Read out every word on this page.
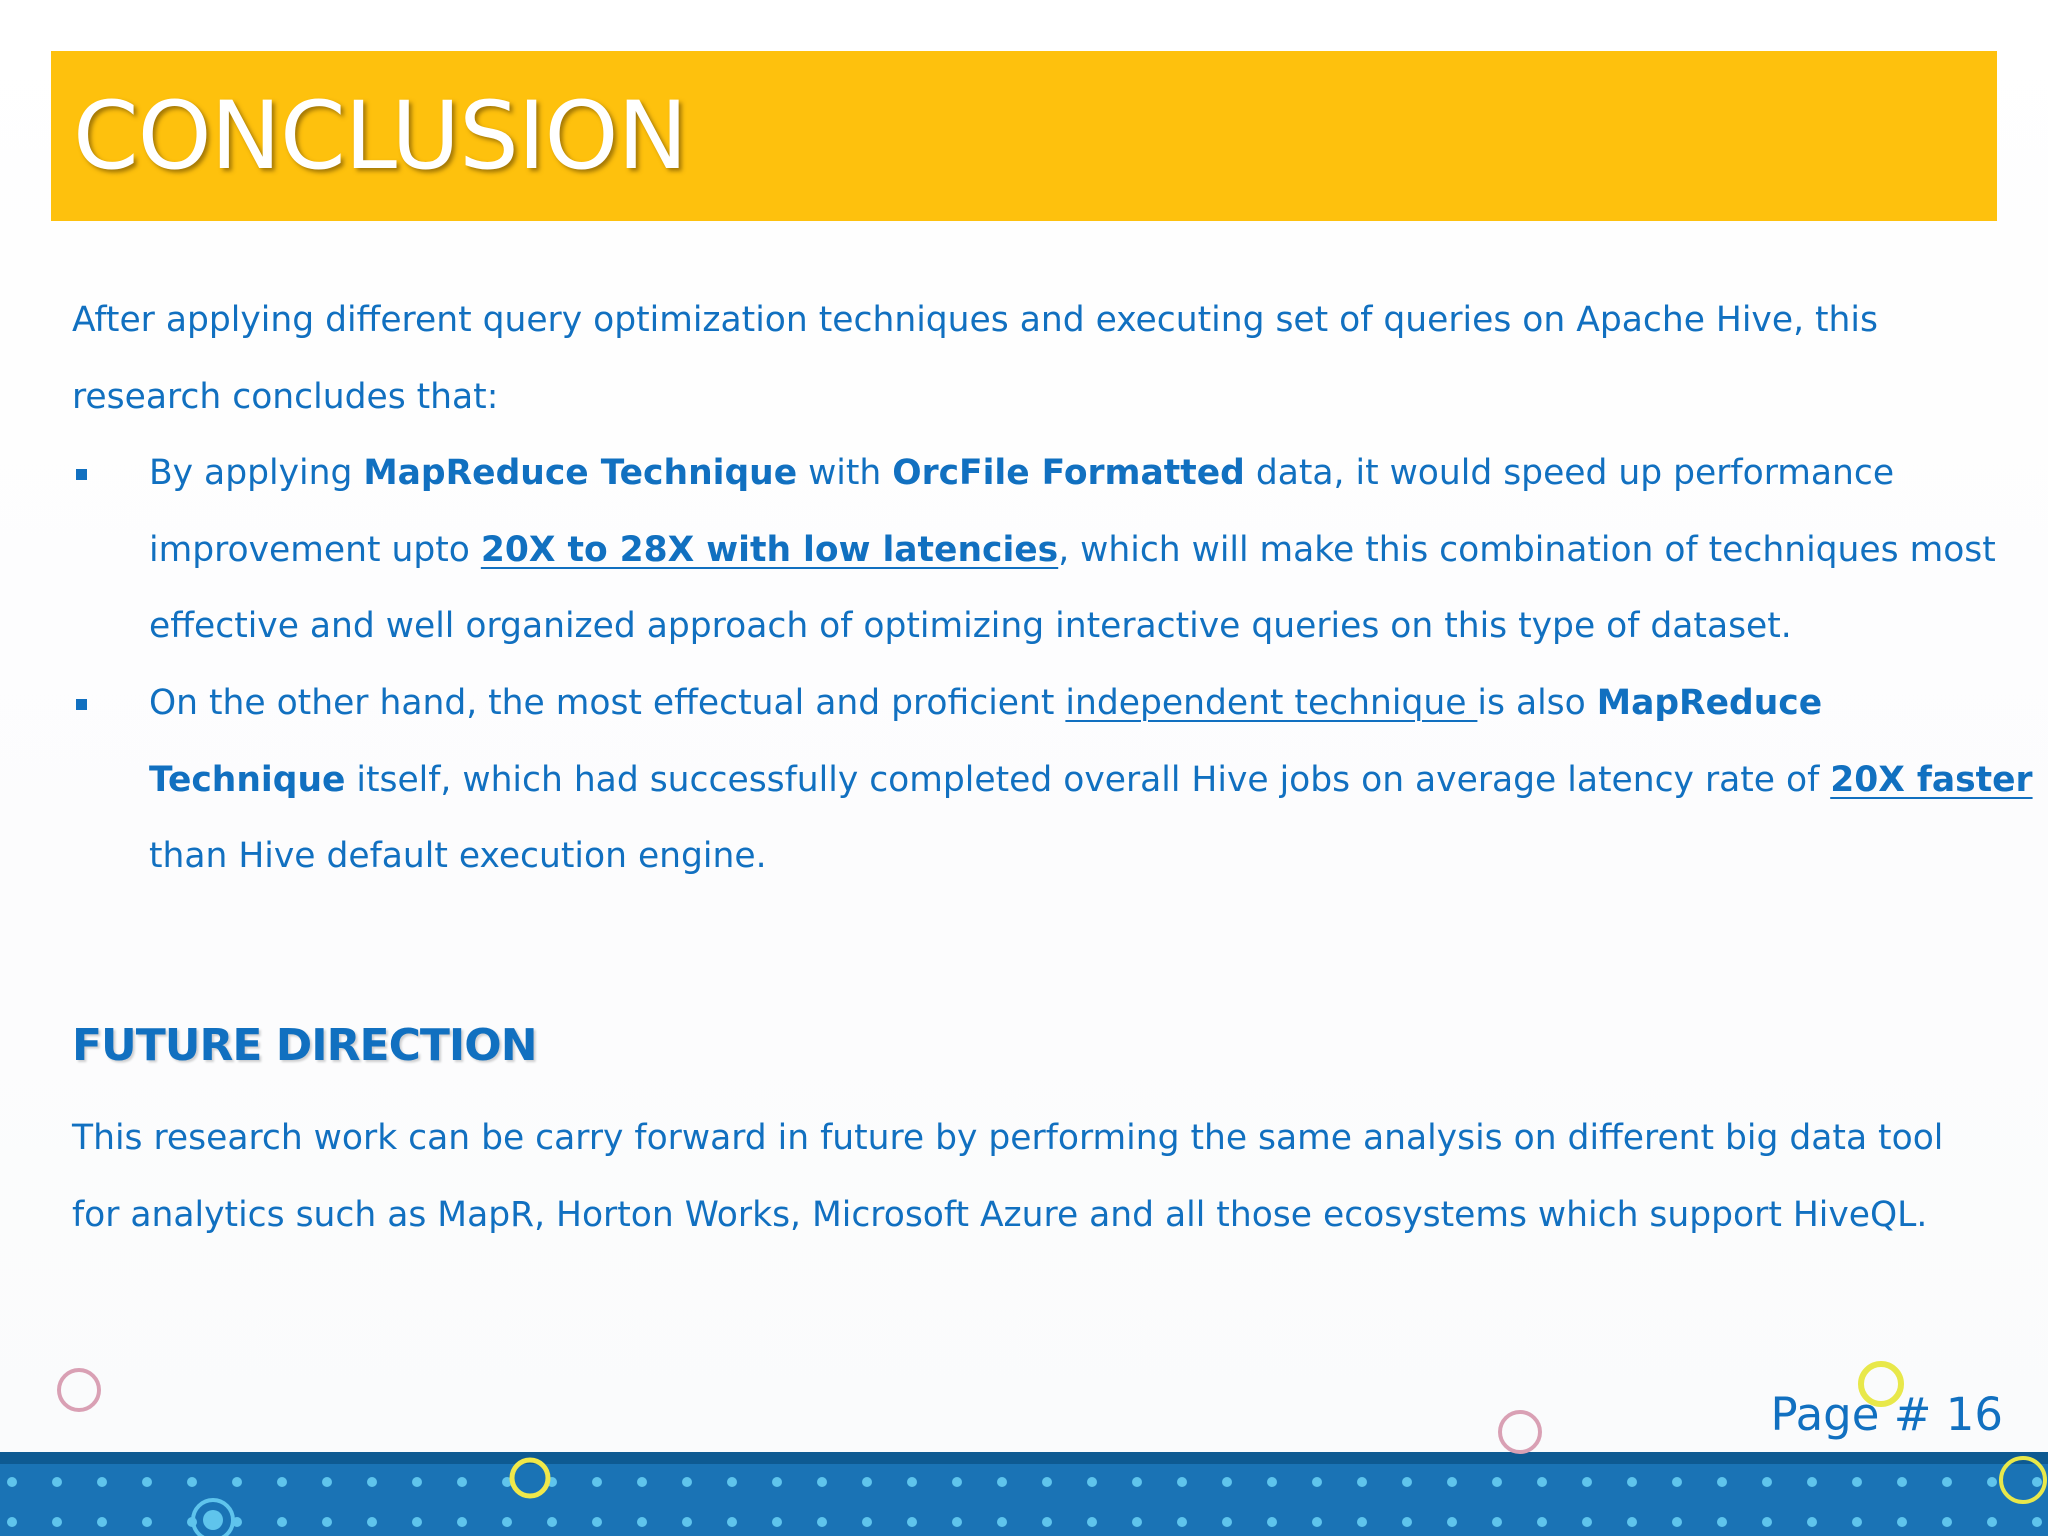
CONCLUSION

After applying different query optimization techniques and executing set of queries on Apache Hive, this

research concludes that:

By applying MapReduce Technique with OrcFile Formatted data, it would speed up performance

improvement upto 20X to 28X with low latencies, which will make this combination of techniques most

effective and well organized approach of optimizing interactive queries on this type of dataset.

On the other hand, the most effectual and proficient independent technique is also MapReduce

Technique itself, which had successfully completed overall Hive jobs on average latency rate of 20X faster

than Hive default execution engine.

FUTURE DIRECTION

This research work can be carry forward in future by performing the same analysis on different big data tool

for analytics such as MapR, Horton Works, Microsoft Azure and all those ecosystems which support HiveQL.

Page # 16
